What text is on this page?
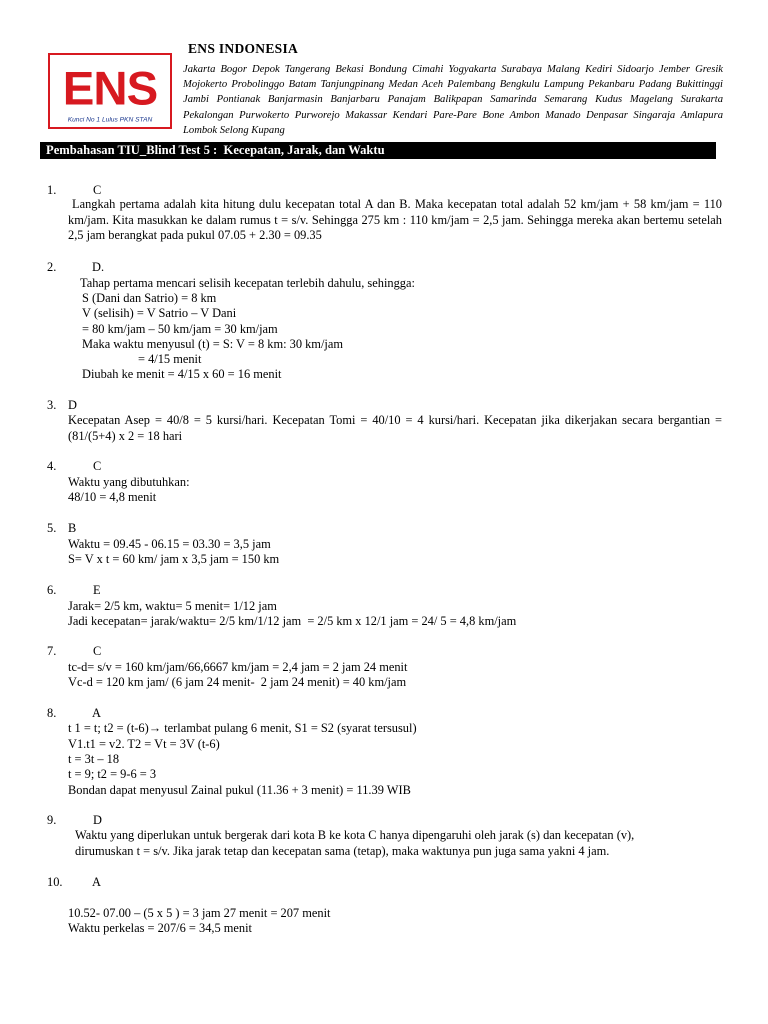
ENS
Kunci No 1 Lulus PKN STAN
ENS INDONESIA
Jakarta Bogor Depok Tangerang Bekasi Bondung Cimahi Yogyakarta Surabaya Malang Kediri Sidoarjo Jember Gresik Mojokerto Probolinggo Batam Tanjungpinang Medan Aceh Palembang Bengkulu Lampung Pekanbaru Padang Bukittinggi Jambi Pontianak Banjarmasin Banjarbaru Panajam Balikpapan Samarinda Semarang Kudus Magelang Surakarta Pekalongan Purwokerto Purworejo Makassar Kendari Pare-Pare Bone Ambon Manado Denpasar Singaraja Amlapura Lombok Selong Kupang
Pembahasan TIU_Blind Test 5 :  Kecepatan, Jarak, dan Waktu
1.	C
Langkah pertama adalah kita hitung dulu kecepatan total A dan B. Maka kecepatan total adalah 52 km/jam + 58 km/jam = 110 km/jam. Kita masukkan ke dalam rumus t = s/v. Sehingga 275 km : 110 km/jam = 2,5 jam. Sehingga mereka akan bertemu setelah 2,5 jam berangkat pada pukul 07.05 + 2.30 = 09.35
2.	D.
Tahap pertama mencari selisih kecepatan terlebih dahulu, sehingga:
S (Dani dan Satrio) = 8 km
V (selisih) = V Satrio – V Dani
= 80 km/jam – 50 km/jam = 30 km/jam
Maka waktu menyusul (t) = S: V = 8 km: 30 km/jam
= 4/15 menit
Diubah ke menit = 4/15 x 60 = 16 menit
3. D
Kecepatan Asep = 40/8 = 5 kursi/hari. Kecepatan Tomi = 40/10 = 4 kursi/hari. Kecepatan jika dikerjakan secara bergantian = (81/(5+4) x 2 = 18 hari
4.	C
Waktu yang dibutuhkan:
48/10 = 4,8 menit
5. B
Waktu = 09.45 - 06.15 = 03.30 = 3,5 jam
S= V x t = 60 km/ jam x 3,5 jam = 150 km
6.	E
Jarak= 2/5 km, waktu= 5 menit= 1/12 jam
Jadi kecepatan= jarak/waktu= 2/5 km/1/12 jam  = 2/5 km x 12/1 jam = 24/ 5 = 4,8 km/jam
7.	C
tc-d= s/v = 160 km/jam/66,6667 km/jam = 2,4 jam = 2 jam 24 menit
Vc-d = 120 km jam/ (6 jam 24 menit-  2 jam 24 menit) = 40 km/jam
8.	A
t 1 = t; t2 = (t-6)→ terlambat pulang 6 menit, S1 = S2 (syarat tersusul)
V1.t1 = v2. T2 = Vt = 3V (t-6)
t = 3t – 18
t = 9; t2 = 9-6 = 3
Bondan dapat menyusul Zainal pukul (11.36 + 3 menit) = 11.39 WIB
9.	D
Waktu yang diperlukan untuk bergerak dari kota B ke kota C hanya dipengaruhi oleh jarak (s) dan kecepatan (v),
dirumuskan t = s/v. Jika jarak tetap dan kecepatan sama (tetap), maka waktunya pun juga sama yakni 4 jam.
10. A
10.52- 07.00 – (5 x 5 ) = 3 jam 27 menit = 207 menit
Waktu perkelas = 207/6 = 34,5 menit
